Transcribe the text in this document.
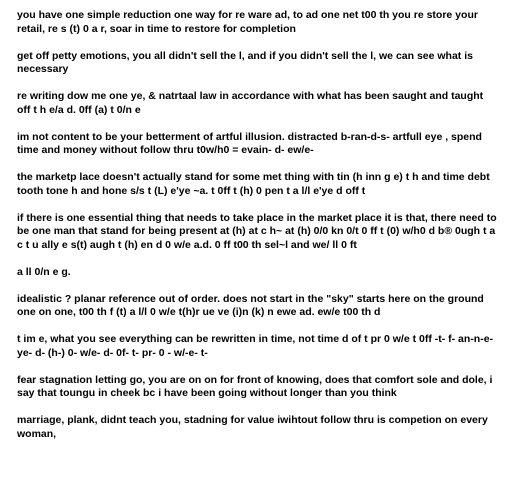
you have one simple reduction one way for re ware ad, to ad one net t00 th you re store your retail, re s (t) 0 a r, soar in time to restore for completion

get off petty emotions, you all didn't sell the l, and if you didn't sell the l, we can see what is necessary

re writing dow me one ye, & natrtaal law in accordance with what has been saught and taught off t h e/a d. 0ff (a) t 0/n e

im not content to be your betterment of artful illusion. distracted b-ran-d-s- artfull eye , spend time and money without follow thru t0w/h0 = evain- d- ew/e-

the marketp lace doesn't actually stand for some met thing with tin (h inn g e) t h and time debt tooth tone h and hone s/s t (L) e'ye ~a. t 0ff t (h) 0 pen t a l/l e'ye d off t

if there is one essential thing that needs to take place in the market place it is that, there need to be one man that stand for being present at (h) at c h~ at (h) 0/0 kn 0/t 0 ff t (0) w/h0 d b® 0ugh t a c t u ally e s(t) augh t (h) en d 0 w/e a.d. 0 ff t00 th sel~l and we/ ll 0 ft

a ll 0/n e g.

idealistic ? planar reference out of order. does not start in the "sky" starts here on the ground one on one, t00 th f (t) a l/l 0 w/e t(h)r ue ve (i)n (k) n ewe ad. ew/e t00 th d

t im e, what you see everything can be rewritten in time, not time d of t pr 0 w/e t 0ff -t- f- an-n-e-ye- d- (h-) 0- w/e- d- 0f- t- pr- 0 - w/-e- t-

fear stagnation letting go, you are on on for front of knowing, does that comfort sole and dole, i say that toungu in cheek bc i have been going without longer than you think

marriage, plank, didnt teach you, stadning for value iwihtout follow thru is competion on every woman,
